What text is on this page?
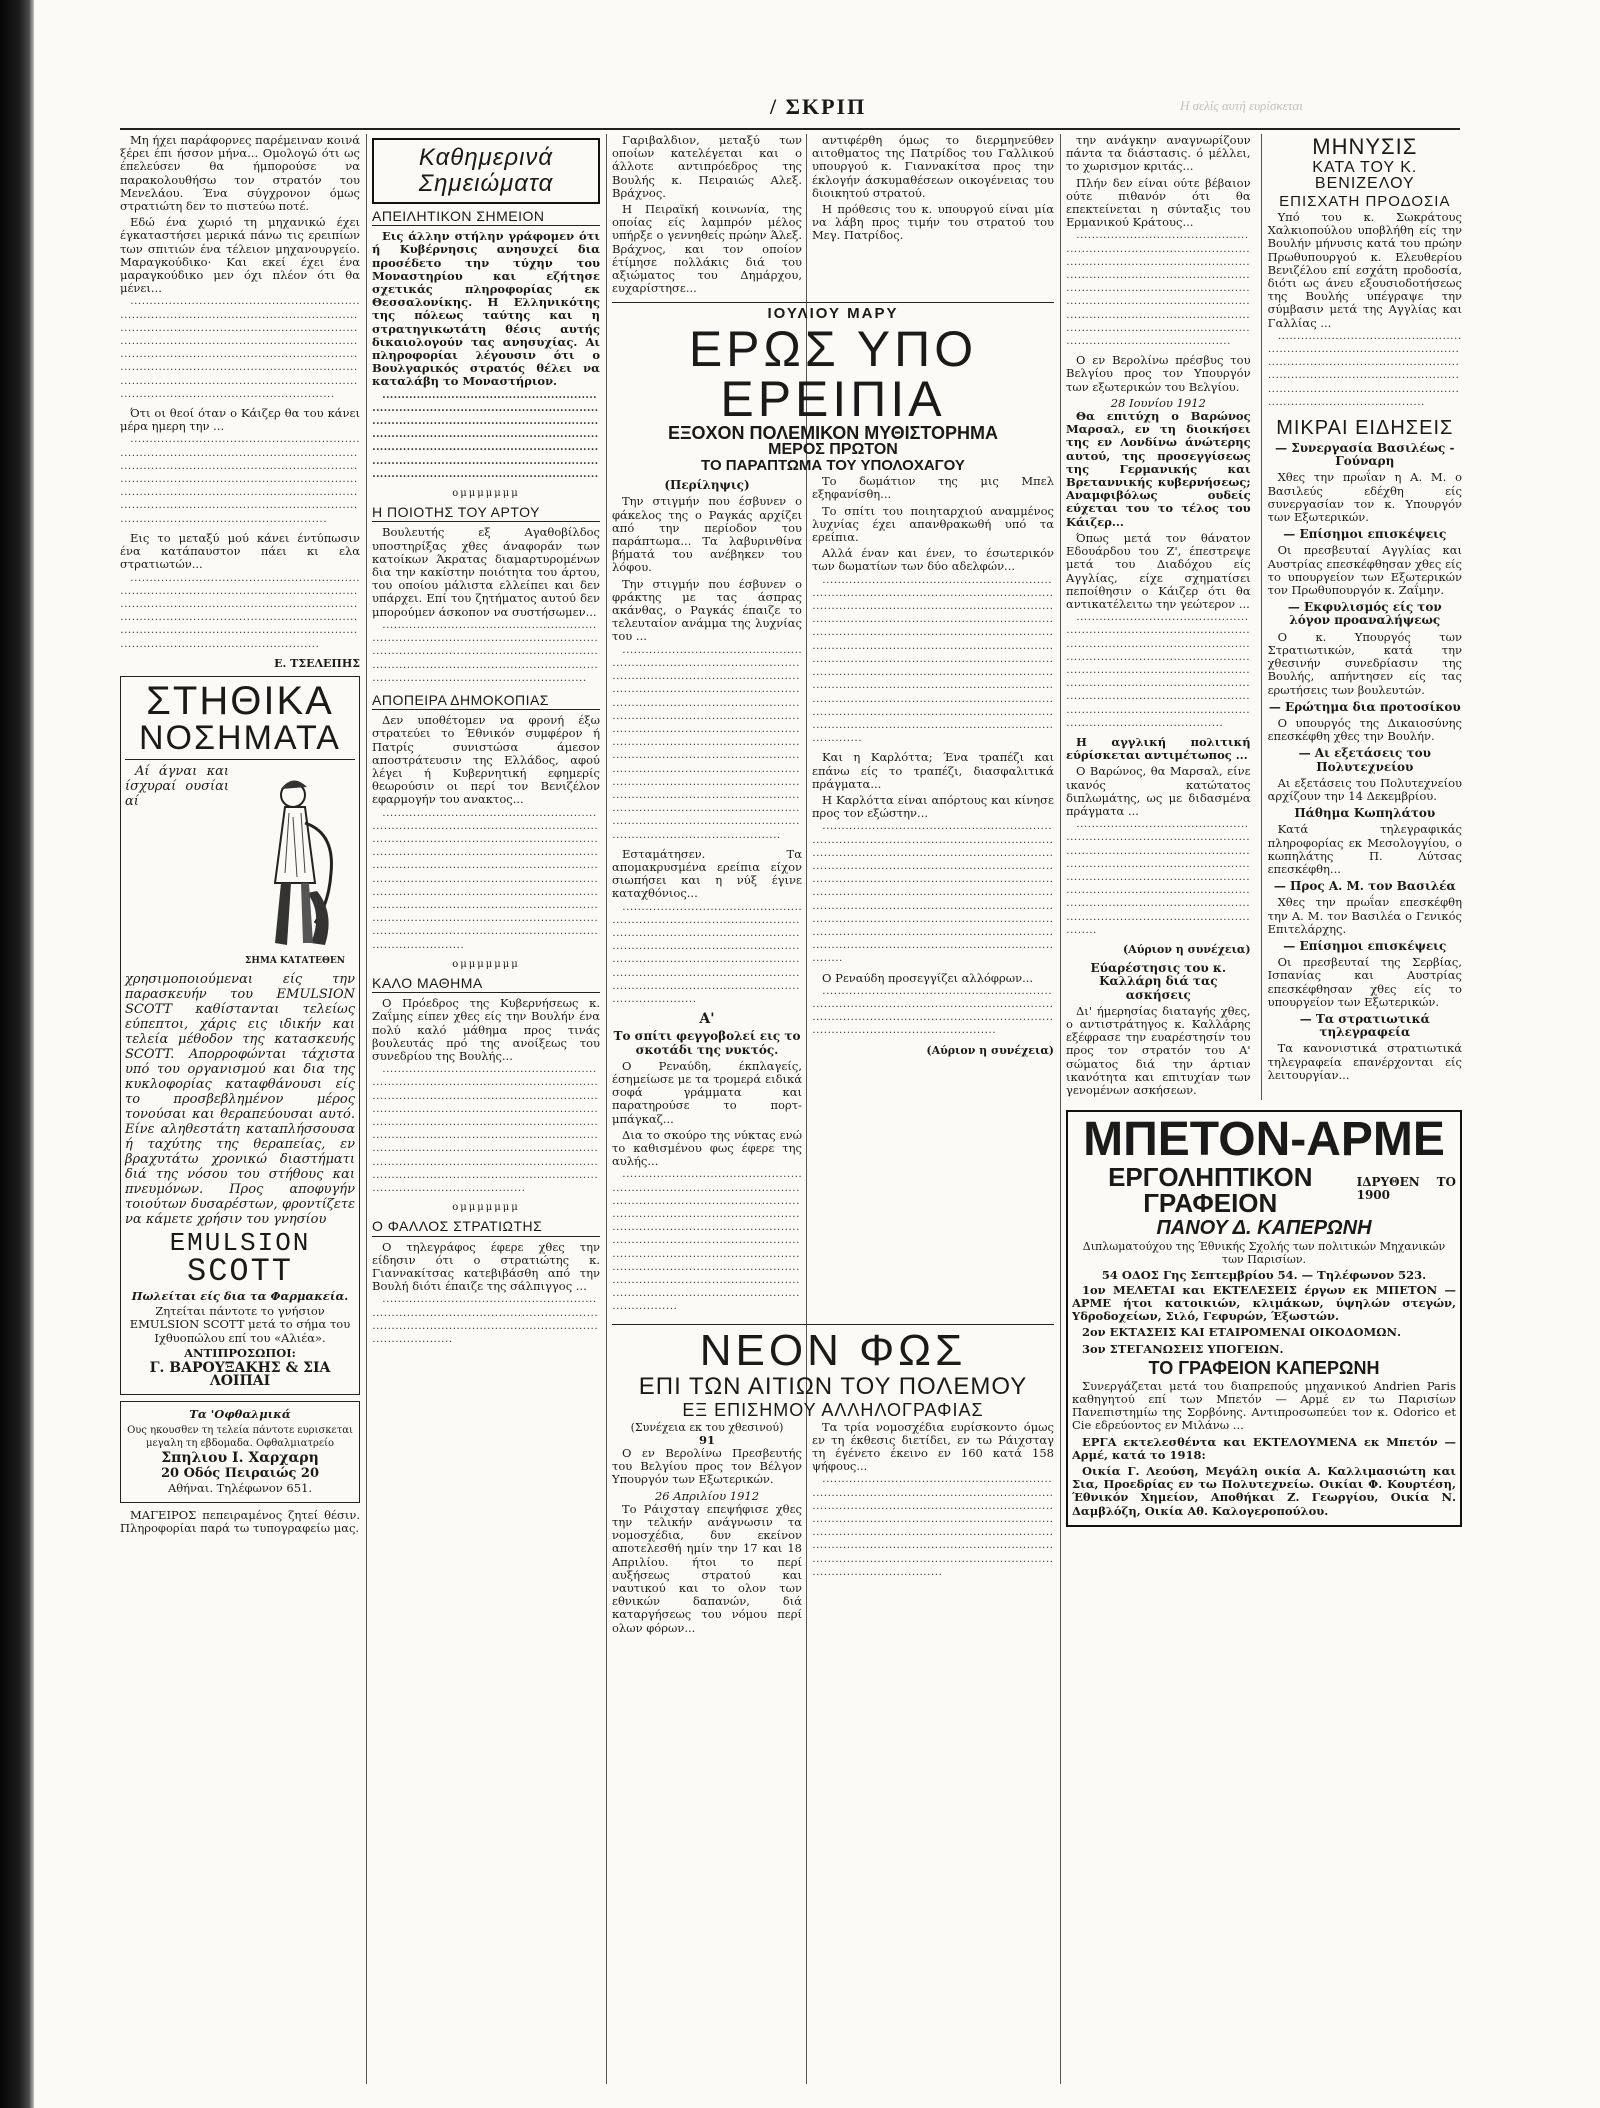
/ ΣΚΡΙΠ	Η σελίς αυτή ευρίσκεται

Μη ήχει παράφορνες παρέμειναν κοινά ξέρει έπι ήσσον μήνα... Ομολογώ ότι ως έπελεύσεν θα ήμπορούσε να παρακολουθήσω τον στρατόν του Μενελάου. Ένα σύγχρονον όμως στρατιώτη δεν το πιστεύω ποτέ.

Εδώ ένα χωριό τη μηχανικώ έχει έγκαταστήσει μερικά πάνω τις ερειπίων των σπιτιών ένα τέλειον μηχανουργείο. Μαραγκούδικο· Και εκεί έχει ένα μαραγκούδικο μεν όχι πλέον ότι θα μένει...

········································································································································································································································································································································································································································································································

Ότι οι θεοί όταν ο Κάιζερ θα του κάνει μέρα ημερη την ...

········································································································································································································································································································································································································································

Εις το μεταξύ μού κάνει έντύπωσιν ένα κατάπαυστον πάει κι ελα στρατιωτών...

········································································································································································································································································································································································
Ε. ΤΣΕΛΕΠΗΣ
ΣΤΗΘΙΚΑ
ΝΟΣΗΜΑΤΑ
ΣΗΜΑ ΚΑΤΑΤΕΘΕΝ

Αί άγναι και ίσχυραί ουσίαι αί χρησιμοποιούμεναι είς την παρασκευήν του EMULSION SCOTT καθίστανται τελείως εύπεπτοι, χάρις εις ιδικήν και τελεία μέθοδον της κατασκευής SCOTT. Απορροφώνται τάχιστα υπό του οργανισμού και δια της κυκλοφορίας καταφθάνουσι είς το προσβεβλημένον μέρος τονούσαι και θεραπεύουσαι αυτό. Είνε αληθεστάτη καταπλήσσουσα ή ταχύτης της θεραπείας, εν βραχυτάτω χρονικώ διαστήματι διά της νόσου του στήθους και πνευμόνων. Προς αποφυγήν τοιούτων δυσαρέστων, φροντίζετε να κάμετε χρήσιν του γνησίου

EMULSION
SCOTT
Πωλείται είς δια τα Φαρμακεία.
Ζητείται πάντοτε το γνήσιον EMULSION SCOTT μετά το σήμα του Ιχθυοπώλου επί του «Αλιέα».
ΑΝΤΙΠΡΟΣΩΠΟΙ:
Γ. ΒΑΡΟΥΞΑΚΗΣ & ΣΙΑ ΛΟΙΠΑΙ
Τα 'Οφθαλμικά
Ους ηκουσθεν τη τελεία πάντοτε ευρισκεται μεγαλη τη εβδομαδα. Οφθαλμιατρείο
Σπηλιου Ι. Χαρχαρη
20 Οδός Πειραιώς 20
Αθήναι. Τηλέφωνον 651.

ΜΑΓΕΙΡΟΣ πεπειραμένος ζητεί θέσιν. Πληροφορίαι παρά τω τυπογραφείω μας.

Καθημερινά
Σημειώματα
ΑΠΕΙΛΗΤΙΚΟΝ ΣΗΜΕΙΟΝ

Εις άλλην στήλην γράφομεν ότι ή Κυβέρνησις ανησυχεί δια προσέδετο την τύχην του Μοναστηρίου και εζήτησε σχετικάς πληροφορίας εκ Θεσσαλονίκης. Η Ελληνικότης της πόλεως ταύτης και η στρατηγικωτάτη θέσις αυτής δικαιολογούν τας ανησυχίας. Αι πληροφορίαι λέγουσιν ότι ο Βουλγαρικός στρατός θέλει να καταλάβη το Μοναστήριον.

··························································································································································································································································································································································································································
ομμμμμμμ
Η ΠΟΙΟΤΗΣ ΤΟΥ ΑΡΤΟΥ

Βουλευτής εξ Αγαθοβίλδος υποστηρίξας χθες άναφοράν των κατοίκων Άκρατας διαμαρτυρομένων δια την κακίστην ποιότητα του άρτου, του οποίου μάλιστα ελλείπει και δεν υπάρχει. Επί του ζητήματος αυτού δεν μπορούμεν άσκοπον να συστήσωμεν...

·································································································································································································································································································
ΑΠΟΠΕΙΡΑ ΔΗΜΟΚΟΠΙΑΣ

Δεν υποθέτομεν να φρονή έξω στρατεύει το Έθνικόν συμφέρον ή Πατρίς συνιστώσα άμεσον αποστράτευσιν της Ελλάδος, αφού λέγει ή Κυβερνητική εφημερίς θεωρούσιν οι περί τον Βενιζέλον εφαρμογήν του ανακτος...

···································································································································································································································································································································································································································································································································································································································
ομμμμμμμ
ΚΑΛΟ ΜΑΘΗΜΑ

Ο Πρόεδρος της Κυβερνήσεως κ. Ζαΐμης είπεν χθες είς την Βουλήν ένα πολύ καλό μάθημα προς τινάς βουλευτάς πρό της ανοίξεως του συνεδρίου της Βουλής...

························································································································································································································································································································································································································································································································································································
ομμμμμμμ
Ο ΦΑΛΛΟΣ ΣΤΡΑΤΙΩΤΗΣ

Ο τηλεγράφος έφερε χθες την είδησιν ότι ο στρατιώτης κ. Γιαννακίτσας κατεβιβάσθη από την Βουλή διότι έπαιζε της σάλπιγγος ...

···································································································································································································

Γαριβαλδιον, μεταξύ των οποίων κατελέγεται και ο άλλοτε αντιπρόεδρος της Βουλής κ. Πειραιώς Αλεξ. Βράχνος.

Η Πειραϊκή κοινωνία, της οποίας είς λαμπρόν μέλος υπήρξε ο γεννηθείς πρώην Άλεξ. Βράχνος, και τον οποίον έτίμησε πολλάκις διά του αξιώματος του Δημάρχου, ευχαρίστησε...

αντιφέρθη όμως το διερμηνεύθεν αιτοθματος της Πατρίδος του Γαλλικού υπουργού κ. Γιαννακίτσα προς την έκλογήν άσκυμαθέσεων οικογένειας του διοικητού στρατού.

Η πρόθεσις του κ. υπουργού είναι μία να λάβη προς τιμήν του στρατού του Μεγ. Πατρίδος.

ΙΟΥΛΙΟΥ ΜΑΡΥ
ΕΡΩΣ ΥΠΟ ΕΡΕΙΠΙΑ
ΕΞΟΧΟΝ ΠΟΛΕΜΙΚΟΝ ΜΥΘΙΣΤΟΡΗΜΑ
ΜΕΡΟΣ ΠΡΩΤΟΝ
ΤΟ ΠΑΡΑΠΤΩΜΑ ΤΟΥ ΥΠΟΛΟΧΑΓΟΥ
(Περίληψις)

Την στιγμήν που έσβυνεν ο φάκελος της ο Ραγκάς αρχίζει από την περίοδον του παράπτωμα... Τα λαβυρινθίνα βήματά του ανέβηκεν του λόφου.

Την στιγμήν που έσβυνεν ο φράκτης με τας άσπρας ακάνθας, ο Ραγκάς έπαιζε το τελευταίον ανάμμα της λυχνίας του ...

························································································································································································································································································································································································································································································································································································································································································································································

Εσταμάτησεν. Τα απομακρυσμένα ερείπια είχον σιωπήσει και η νύξ έγινε καταχθόνιος...

···········································································································································································································································································································································································
Α'
Το σπίτι φεγγοβολεί εις το σκοτάδι της νυκτός.

Ο Ρεναύδη, έκπλαγείς, έσημείωσε με τα τρομερά ειδικά σοφά γράμματα και παρατηρούσε το πορτ-μπάγκαζ...

Δια το σκούρο της νύκτας ενώ το καθισμένου φως έφερε της αυλής...

·························································································································································································································································································································································································································································································································

Το δωμάτιον της μις Μπελ εξηφανίσθη...

Το σπίτι του ποιηταρχιού αναμμένος λυχνίας έχει απανθρακωθή υπό τα ερείπια.

Αλλά έναν και ένεν, το έσωτερικόν των δωματίων των δύο αδελφών...

······························································································································································································································································································································································································································································································································································································································································································································································································

Και η Καρλόττα; Ένα τραπέζι και επάνω είς το τραπέζι, διασφαλιτικά πράγματα...

Η Καρλόττα είναι απόρτους και κίνησε προς τον εξώστην...

···························································································································································································································································································································································································································································································································································································································································

Ο Ρεναύδη προσεγγίζει αλλόφρων...

··········································································································································································································································
(Αύριον η συνέχεια)
ΝΕΟΝ ΦΩΣ
ΕΠΙ ΤΩΝ ΑΙΤΙΩΝ ΤΟΥ ΠΟΛΕΜΟΥ
ΕΞ ΕΠΙΣΗΜΟΥ ΑΛΛΗΛΟΓΡΑΦΙΑΣ
(Συνέχεια εκ του χθεσινού)
91

Ο εν Βερολίνω Πρεσβευτής του Βελγίου προς τον Βέλγον Υπουργόν των Εξωτερικών.

26 Απριλίου 1912

Το Ράιχσταγ επεψήφισε χθες την τελικήν ανάγνωσιν τα νομοσχέδια, δυν εκείνον αποτελεσθή ημίν την 17 και 18 Απριλίου. ήτοι το περί αυξήσεως στρατού και ναυτικού και το ολον των εθνικών δαπανών, διά καταργήσεως του νόμου περί ολων φόρων...

Τα τρία νομοσχέδια ευρίσκοντο όμως εν τη έκθεσις διετίδει, εν τω Ράιχσταγ τη έγένετο έκεινο εν 160 κατά 158 ψήφους...

························································································································································································································································································································································································································································································

την ανάγκην αναγνωρίζουν πάντα τα διάστασις. ό μέλλει, το χωρισμον κριτάς...

Πλήν δεν είναι ούτε βέβαιον ούτε πιθανόν ότι θα επεκτείνεται η σύνταξις του Ερμανικού Κράτους...

········································································································································································································································································································································································································································

Ο εν Βερολίνω πρέσβυς του Βελγίου προς τον Υπουργόν των εξωτερικών του Βελγίου.

28 Ιουνίου 1912

Θα επιτύχη ο Βαρώνος Μαρσαλ, εν τη διοικήσει της εν Λονδίνω άνώτερης αυτού, της προσεγγίσεως της Γερμανικής και Βρεταννικής κυβερνήσεως; Αναμφιβόλως ουδείς εύχεται του το τέλος του Κάιζερ...

Όπως μετά τον θάνατον Εδουάρδου του Ζ', έπεστρεψε μετά του Διαδόχου είς Αγγλίας, είχε σχηματίσει πεποίθησιν ο Κάιζερ ότι θα αντικατέλειτω την γεώτερον ...

······································································································································································································································································································································································································································

Η αγγλική πολιτική εύρίσκεται αντιμέτωπος ...

Ο Βαρώνος, θα Μαρσαλ, είνε ικανός κατώτατος διπλωμάτης, ως με διδασμένα πράγματα ...

·····································································································································································································································································································································································································
(Αύριον η συνέχεια)
Εύαρέστησις του κ. Καλλάρη διά τας ασκήσεις

Δι' ήμερησίας διαταγής χθες, ο αντιστράτηγος κ. Καλλάρης εξέφρασε την ευαρέστησίν του προς τον στρατόν του Α' σώματος διά την άρτιαν ικανότητα και επιτυχίαν των γενομένων ασκήσεων.

ΜΗΝΥΣΙΣ
ΚΑΤΑ ΤΟΥ Κ. ΒΕΝΙΖΕΛΟΥ
ΕΠΙΣΧΑΤΗ ΠΡΟΔΟΣΙΑ

Υπό του κ. Σωκράτους Χαλκιοπούλου υποβλήθη είς την Βουλήν μήνυσις κατά του πρώην Πρωθυπουργού κ. Ελευθερίου Βενιζέλου επί εσχάτη προδοσία, διότι ως άνευ εξουσιοδοτήσεως της Βουλής υπέγραψε την σύμβασιν μετά της Αγγλίας και Γαλλίας ...

·································································································································································································································································································
ΜΙΚΡΑΙ ΕΙΔΗΣΕΙΣ
— Συνεργασία Βασιλέως - Γούναρη

Χθες την πρωΐαν η Α. Μ. ο Βασιλεύς εδέχθη είς συνεργασίαν τον κ. Υπουργόν των Εξωτερικών.

— Επίσημοι επισκέψεις

Οι πρεσβευταί Αγγλίας και Αυστρίας επεσκέφθησαν χθες είς το υπουργείον των Εξωτερικών τον Πρωθυπουργόν κ. Ζαΐμην.

— Εκφυλισμός είς τον λόγον προαναλήψεως

Ο κ. Υπουργός των Στρατιωτικών, κατά την χθεσινήν συνεδρίασιν της Βουλής, απήντησεν είς τας ερωτήσεις των βουλευτών.

— Ερώτημα δια προτοσίκου

Ο υπουργός της Δικαιοσύνης επεσκέφθη χθες την Βουλήν.

— Αι εξετάσεις του Πολυτεχνείου

Αι εξετάσεις του Πολυτεχνείου αρχίζουν την 14 Δεκεμβρίου.

Πάθημα Κωπηλάτου

Κατά τηλεγραφικάς πληροφορίας εκ Μεσολογγίου, ο κωπηλάτης Π. Λύτσας επεσκέφθη...

— Προς Α. Μ. τον Βασιλέα

Χθες την πρωΐαν επεσκέφθη την Α. Μ. τον Βασιλέα ο Γενικός Επιτελάρχης.

— Επίσημοι επισκέψεις

Οι πρεσβευταί της Σερβίας, Ισπανίας και Αυστρίας επεσκέφθησαν χθες είς το υπουργείον των Εξωτερικών.

— Τα στρατιωτικά τηλεγραφεία

Τα κανονιστικά στρατιωτικά τηλεγραφεία επανέρχονται είς λειτουργίαν...

ΜΠΕΤΟΝ-ΑΡΜΕ
ΕΡΓΟΛΗΠΤΙΚΟΝ ΓΡΑΦΕΙΟΝ
ΙΔΡΥΘΕΝ ΤΟ 1900
ΠΑΝΟΥ Δ. ΚΑΠΕΡΩΝΗ
Διπλωματούχου της Έθνικής Σχολής των πολιτικών Μηχανικών των Παρισίων.
54 ΟΔΟΣ Γης Σεπτεμβρίου 54. — Τηλέφωνον 523.

1ον ΜΕΛΕΤΑΙ και ΕΚΤΕΛΕΣΕΙΣ έργων εκ ΜΠΕΤΟΝ — ΑΡΜΕ ήτοι κατοικιών, κλιμάκων, ύψηλών στεγών, Υδροδοχείων, Σιλό, Γεφυρών, Έξωστών.

2ον ΕΚΤΑΣΕΙΣ ΚΑΙ ΕΤΑΙΡΟΜΕΝΑΙ ΟΙΚΟΔΟΜΩΝ.

3ον ΣΤΕΓΑΝΩΣΕΙΣ ΥΠΟΓΕΙΩΝ.

ΤΟ ΓΡΑΦΕΙΟΝ ΚΑΠΕΡΩΝΗ

Συνεργάζεται μετά του διαπρεπούς μηχανικού Andrien Paris καθηγητού επί των Μπετόν — Αρμέ εν τω Παρισίων Πανεπιστημίω της Σορβόνης. Αντιπροσωπεύει τον κ. Odorico et Cie εδρεύοντος εν Μιλάνω ...

ΕΡΓΑ εκτελεσθέντα και ΕΚΤΕΛΟΥΜΕΝΑ εκ Μπετόν — Αρμέ, κατά το 1918:

Οικία Γ. Λεούση, Μεγάλη οικία Α. Καλλιμασιώτη και Σια, Προεδρίας εν τω Πολυτεχνείω. Οικίαι Φ. Κουρτέση, Έθνικόν Χημείον, Αποθήκαι Ζ. Γεωργίου, Οικία Ν. Δαμβλόζη, Οικία Αθ. Καλογεροπούλου.
